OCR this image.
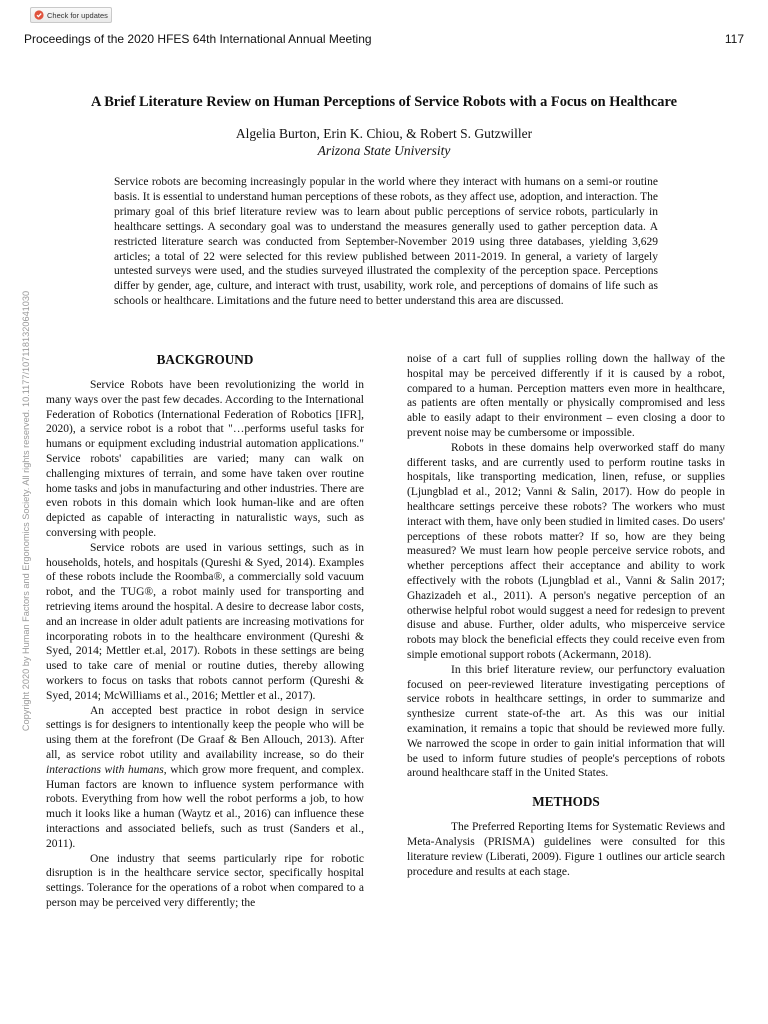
Check for updates
Proceedings of the 2020 HFES 64th International Annual Meeting	117
A Brief Literature Review on Human Perceptions of Service Robots with a Focus on Healthcare
Algelia Burton, Erin K. Chiou, & Robert S. Gutzwiller
Arizona State University

Service robots are becoming increasingly popular in the world where they interact with humans on a semi-or routine basis. It is essential to understand human perceptions of these robots, as they affect use, adoption, and interaction. The primary goal of this brief literature review was to learn about public perceptions of service robots, particularly in healthcare settings. A secondary goal was to understand the measures generally used to gather perception data. A restricted literature search was conducted from September-November 2019 using three databases, yielding 3,629 articles; a total of 22 were selected for this review published between 2011-2019. In general, a variety of largely untested surveys were used, and the studies surveyed illustrated the complexity of the perception space. Perceptions differ by gender, age, culture, and interact with trust, usability, work role, and perceptions of domains of life such as schools or healthcare. Limitations and the future need to better understand this area are discussed.

Copyright 2020 by Human Factors and Ergonomics Society. All rights reserved. 10.1177/1071181320641030	BACKGROUND

Service Robots have been revolutionizing the world in many ways over the past few decades. According to the International Federation of Robotics (International Federation of Robotics [IFR], 2020), a service robot is a robot that "…performs useful tasks for humans or equipment excluding industrial automation applications." Service robots' capabilities are varied; many can walk on challenging mixtures of terrain, and some have taken over routine home tasks and jobs in manufacturing and other industries. There are even robots in this domain which look human-like and are often depicted as capable of interacting in naturalistic ways, such as conversing with people.

Service robots are used in various settings, such as in households, hotels, and hospitals (Qureshi & Syed, 2014). Examples of these robots include the Roomba®, a commercially sold vacuum robot, and the TUG®, a robot mainly used for transporting and retrieving items around the hospital. A desire to decrease labor costs, and an increase in older adult patients are increasing motivations for incorporating robots in to the healthcare environment (Qureshi & Syed, 2014; Mettler et.al, 2017). Robots in these settings are being used to take care of menial or routine duties, thereby allowing workers to focus on tasks that robots cannot perform (Qureshi & Syed, 2014; McWilliams et al., 2016; Mettler et al., 2017).

An accepted best practice in robot design in service settings is for designers to intentionally keep the people who will be using them at the forefront (De Graaf & Ben Allouch, 2013). After all, as service robot utility and availability increase, so do their interactions with humans, which grow more frequent, and complex. Human factors are known to influence system performance with robots. Everything from how well the robot performs a job, to how much it looks like a human (Waytz et al., 2016) can influence these interactions and associated beliefs, such as trust (Sanders et al., 2011).

One industry that seems particularly ripe for robotic disruption is in the healthcare service sector, specifically hospital settings. Tolerance for the operations of a robot when compared to a person may be perceived very differently; the

noise of a cart full of supplies rolling down the hallway of the hospital may be perceived differently if it is caused by a robot, compared to a human. Perception matters even more in healthcare, as patients are often mentally or physically compromised and less able to easily adapt to their environment – even closing a door to prevent noise may be cumbersome or impossible.

Robots in these domains help overworked staff do many different tasks, and are currently used to perform routine tasks in hospitals, like transporting medication, linen, refuse, or supplies (Ljungblad et al., 2012; Vanni & Salin, 2017). How do people in healthcare settings perceive these robots? The workers who must interact with them, have only been studied in limited cases. Do users' perceptions of these robots matter? If so, how are they being measured? We must learn how people perceive service robots, and whether perceptions affect their acceptance and ability to work effectively with the robots (Ljungblad et al., Vanni & Salin 2017; Ghazizadeh et al., 2011). A person's negative perception of an otherwise helpful robot would suggest a need for redesign to prevent disuse and abuse. Further, older adults, who misperceive service robots may block the beneficial effects they could receive even from simple emotional support robots (Ackermann, 2018).

In this brief literature review, our perfunctory evaluation focused on peer-reviewed literature investigating perceptions of service robots in healthcare settings, in order to summarize and synthesize current state-of-the art. As this was our initial examination, it remains a topic that should be reviewed more fully. We narrowed the scope in order to gain initial information that will be used to inform future studies of people's perceptions of robots around healthcare staff in the United States.

METHODS

The Preferred Reporting Items for Systematic Reviews and Meta-Analysis (PRISMA) guidelines were consulted for this literature review (Liberati, 2009). Figure 1 outlines our article search procedure and results at each stage.
